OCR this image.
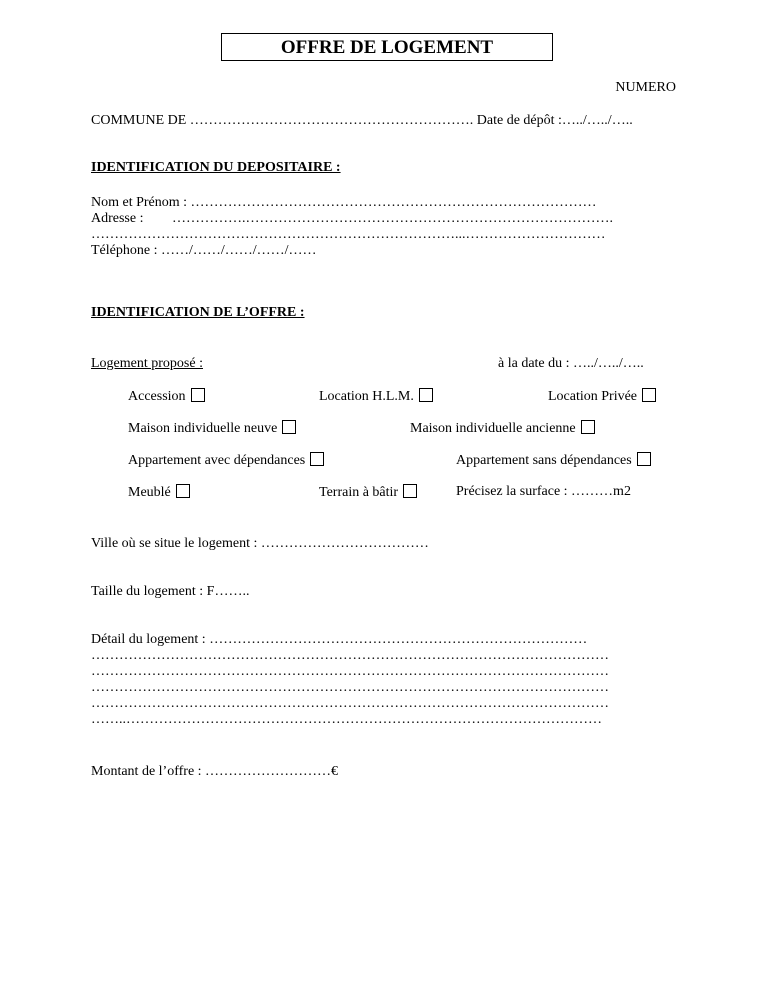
OFFRE DE LOGEMENT
NUMERO
COMMUNE DE ……………………………………………………. Date de dépôt :…../…../…..
IDENTIFICATION DU DEPOSITAIRE :
Nom et Prénom : ……………………………………………………………………………
Adresse : …………….…………………………………………………………………….
……………………………………………………………………...…………………………
Téléphone : ……/……/……/……/……
IDENTIFICATION DE L’OFFRE :
Logement proposé :	à la date du : …../…../…..
Accession	Location H.L.M.	Location Privée
Maison individuelle neuve	Maison individuelle ancienne
Appartement avec dépendances	Appartement sans dépendances
Meublé	Terrain à bâtir	Précisez la surface : ………m2
Ville où se situe le logement : ………………………………
Taille du logement : F……..
Détail du logement : ………………………………………………………………………
…………………………………………………………………………………………………
…………………………………………………………………………………………………
…………………………………………………………………………………………………
…………………………………………………………………………………………………
……..…………………………………………………………………………………………
Montant de l’offre : ………………………€
